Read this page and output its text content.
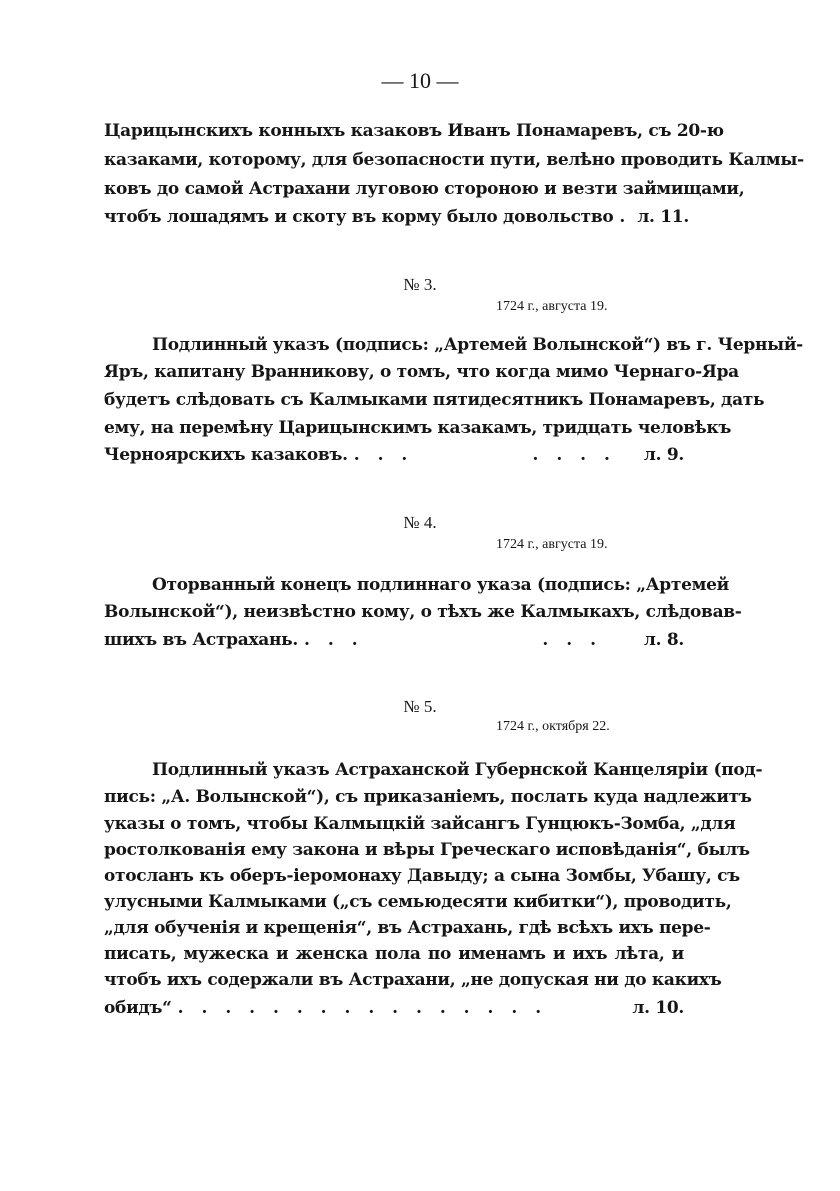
— 10 —
Царицынскихъ конныхъ казаковъ Иванъ Понамаревъ, съ 20-ю
казаками, которому, для безопасности пути, велѣно проводить Калмы-
ковъ до самой Астрахани луговою стороною и везти займищами,
чтобъ лошадямъ и скоту въ корму было довольство . л. 11.
№ 3.
1724 г., августа 19.
Подлинный указъ (подпись: „Артемей Волынской“) въ г. Черный-
Яръ, капитану Вранникову, о томъ, что когда мимо Чернаго-Яра
будетъ слѣдовать съ Калмыками пятидесятникъ Понамаревъ, дать
ему, на перемѣну Царицынскимъ казакамъ, тридцать человѣкъ
Черноярскихъ казаковъ. . . .          . . . .	л. 9.
№ 4.
1724 г., августа 19.
Оторванный конецъ подлиннаго указа (подпись: „Артемей
Волынской“), неизвѣстно кому, о тѣхъ же Калмыкахъ, слѣдовав-
шихъ въ Астрахань. . . .               . . .	л. 8.
№ 5.
1724 г., октября 22.
Подлинный указъ Астраханской Губернской Канцеляріи (под-
пись: „А. Волынской“), съ приказаніемъ, послать куда надлежитъ
указы о томъ, чтобы Калмыцкій зайсангъ Гунцюкъ-Зомба, „для
ростолкованія ему закона и вѣры Греческаго исповѣданія“, былъ
отосланъ къ оберъ-іеромонаху Давыду; а сына Зомбы, Убашу, съ
улусными Калмыками („съ семьюдесяти кибитки“), проводить,
„для обученія и крещенія“, въ Астрахань, гдѣ всѣхъ ихъ пере-
писать, мужеска и женска пола по именамъ и ихъ лѣта, и
чтобъ ихъ содержали въ Астрахани, „не допуская ни до какихъ
обидъ“ . . . . . . . . . . . . . . . .	л. 10.
